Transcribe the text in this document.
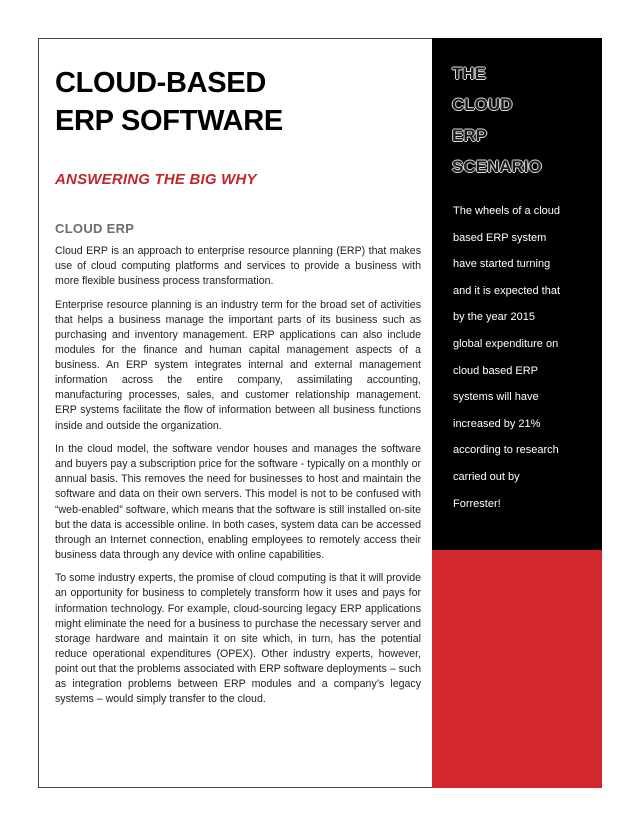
CLOUD-BASED
ERP SOFTWARE
ANSWERING THE BIG WHY
CLOUD ERP

Cloud ERP is an approach to enterprise resource planning (ERP) that makes use of cloud computing platforms and services to provide a business with more flexible business process transformation.

Enterprise resource planning is an industry term for the broad set of activities that helps a business manage the important parts of its business such as purchasing and inventory management. ERP applications can also include modules for the finance and human capital management aspects of a business. An ERP system integrates internal and external management information across the entire company, assimilating accounting, manufacturing processes, sales, and customer relationship management. ERP systems facilitate the flow of information between all business functions inside and outside the organization.

In the cloud model, the software vendor houses and manages the software and buyers pay a subscription price for the software - typically on a monthly or annual basis. This removes the need for businesses to host and maintain the software and data on their own servers. This model is not to be confused with “web-enabled” software, which means that the software is still installed on-site but the data is accessible online. In both cases, system data can be accessed through an Internet connection, enabling employees to remotely access their business data through any device with online capabilities.

To some industry experts, the promise of cloud computing is that it will provide an opportunity for business to completely transform how it uses and pays for information technology. For example, cloud-sourcing legacy ERP applications might eliminate the need for a business to purchase the necessary server and storage hardware and maintain it on site which, in turn, has the potential reduce operational expenditures (OPEX). Other industry experts, however, point out that the problems associated with ERP software deployments – such as integration problems between ERP modules and a company’s legacy systems – would simply transfer to the cloud.

THE
CLOUD
ERP
SCENARIO
The wheels of a cloud
based ERP system
have started turning
and it is expected that
by the year 2015
global expenditure on
cloud based ERP
systems will have
increased by 21%
according to research
carried out by
Forrester!
